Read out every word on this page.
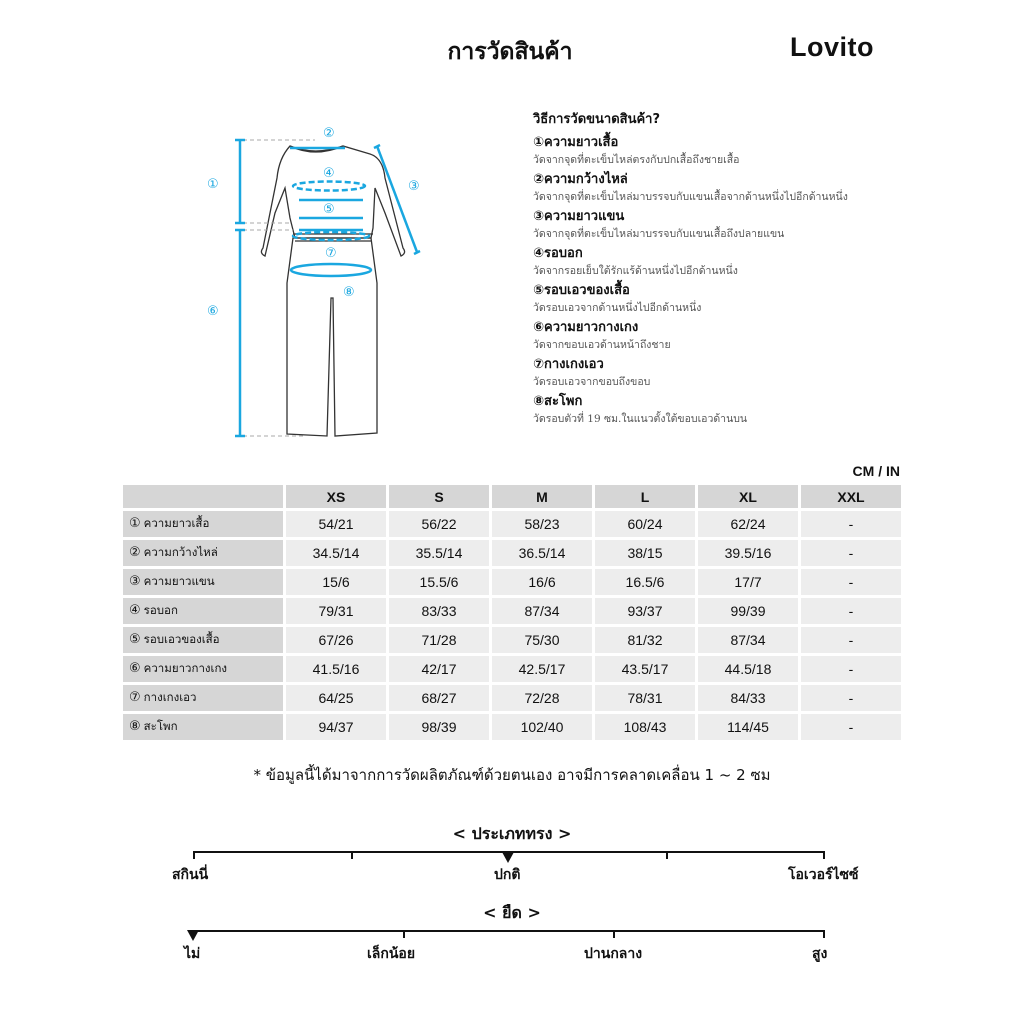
การวัดสินค้า	Lovito
①
②
③
④
⑤
⑥
⑦
⑧
วิธีการวัดขนาดสินค้า?
①ความยาวเสื้อ
วัดจากจุดที่ตะเข็บไหล่ตรงกับปกเสื้อถึงชายเสื้อ
②ความกว้างไหล่
วัดจากจุดที่ตะเข็บไหล่มาบรรจบกับแขนเสื้อจากด้านหนึ่งไปอีกด้านหนึ่ง
③ความยาวแขน
วัดจากจุดที่ตะเข็บไหล่มาบรรจบกับแขนเสื้อถึงปลายแขน
④รอบอก
วัดจากรอยเย็บใต้รักแร้ด้านหนึ่งไปอีกด้านหนึ่ง
⑤รอบเอวของเสื้อ
วัดรอบเอวจากด้านหนึ่งไปอีกด้านหนึ่ง
⑥ความยาวกางเกง
วัดจากขอบเอวด้านหน้าถึงชาย
⑦กางเกงเอว
วัดรอบเอวจากขอบถึงขอบ
⑧สะโพก
วัดรอบตัวที่ 19 ซม.ในแนวตั้งใต้ขอบเอวด้านบน
CM / IN
	XS	S	M	L	XL	XXL
① ความยาวเสื้อ	54/21	56/22	58/23	60/24	62/24	-
② ความกว้างไหล่	34.5/14	35.5/14	36.5/14	38/15	39.5/16	-
③ ความยาวแขน	15/6	15.5/6	16/6	16.5/6	17/7	-
④ รอบอก	79/31	83/33	87/34	93/37	99/39	-
⑤ รอบเอวของเสื้อ	67/26	71/28	75/30	81/32	87/34	-
⑥ ความยาวกางเกง	41.5/16	42/17	42.5/17	43.5/17	44.5/18	-
⑦ กางเกงเอว	64/25	68/27	72/28	78/31	84/33	-
⑧ สะโพก	94/37	98/39	102/40	108/43	114/45	-
* ข้อมูลนี้ได้มาจากการวัดผลิตภัณฑ์ด้วยตนเอง อาจมีการคลาดเคลื่อน 1 ~ 2 ซม
< ประเภททรง >
สกินนี่	ปกติ	โอเวอร์ไซซ์
< ยืด >
ไม่	เล็กน้อย	ปานกลาง	สูง
